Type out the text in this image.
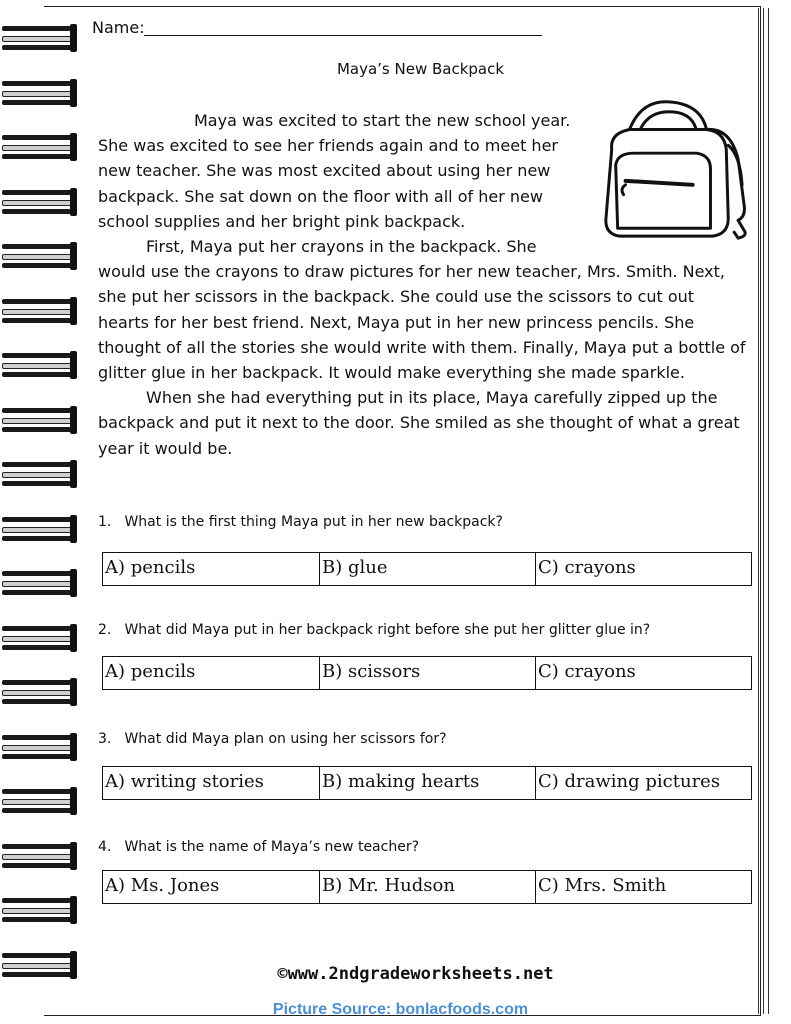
Name:
Maya’s New Backpack

Maya was excited to start the new school year. She was excited to see her friends again and to meet her new teacher. She was most excited about using her new backpack. She sat down on the floor with all of her new school supplies and her bright pink backpack.

First, Maya put her crayons in the backpack. She would use the crayons to draw pictures for her new teacher, Mrs. Smith. Next, she put her scissors in the backpack. She could use the scissors to cut out hearts for her best friend. Next, Maya put in her new princess pencils. She thought of all the stories she would write with them. Finally, Maya put a bottle of glitter glue in her backpack. It would make everything she made sparkle.

When she had everything put in its place, Maya carefully zipped up the backpack and put it next to the door. She smiled as she thought of what a great year it would be.

1. What is the first thing Maya put in her new backpack?
A) pencils	B) glue	C) crayons
2. What did Maya put in her backpack right before she put her glitter glue in?
A) pencils	B) scissors	C) crayons
3. What did Maya plan on using her scissors for?
A) writing stories	B) making hearts	C) drawing pictures
4. What is the name of Maya’s new teacher?
A) Ms. Jones	B) Mr. Hudson	C) Mrs. Smith
©www.2ndgradeworksheets.net
Picture Source: bonlacfoods.com
